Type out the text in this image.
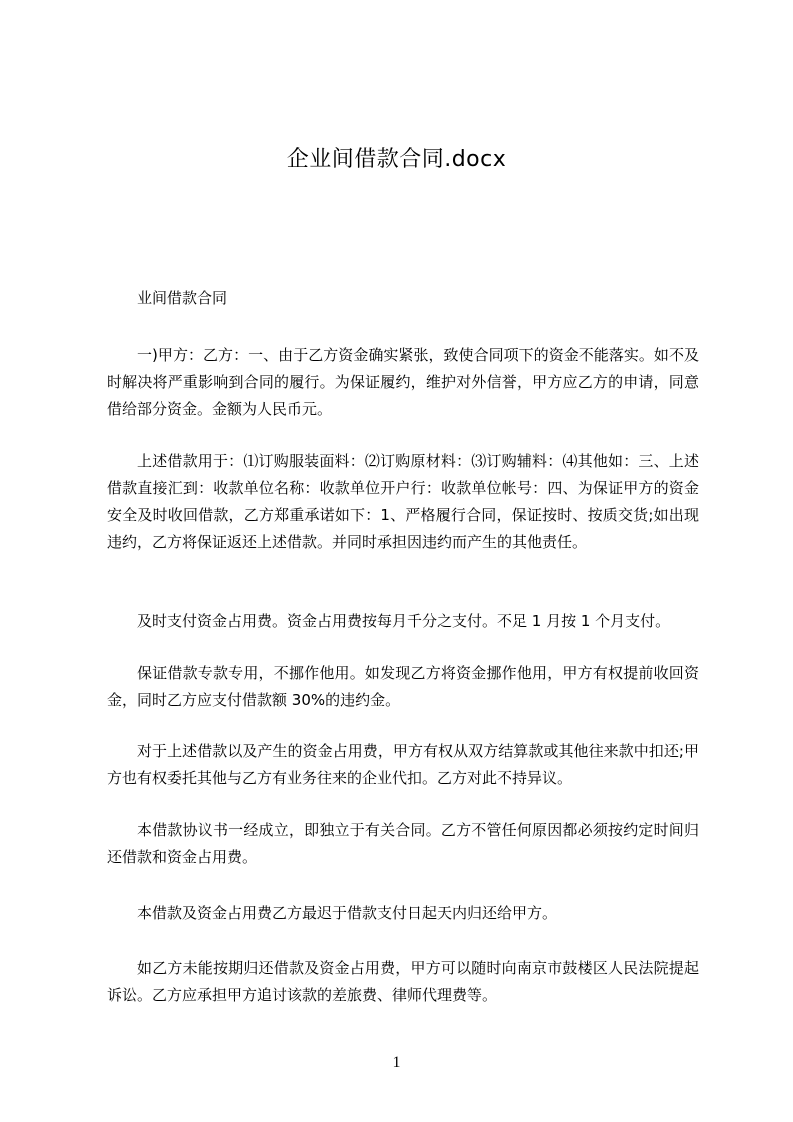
企业间借款合同.docx

业间借款合同

一)甲方：乙方：一、由于乙方资金确实紧张，致使合同项下的资金不能落实。如不及时解决将严重影响到合同的履行。为保证履约，维护对外信誉，甲方应乙方的申请，同意借给部分资金。金额为人民币元。

上述借款用于：⑴订购服装面料：⑵订购原材料：⑶订购辅料：⑷其他如：三、上述借款直接汇到：收款单位名称：收款单位开户行：收款单位帐号：四、为保证甲方的资金安全及时收回借款，乙方郑重承诺如下：1、严格履行合同，保证按时、按质交货;如出现违约，乙方将保证返还上述借款。并同时承担因违约而产生的其他责任。

及时支付资金占用费。资金占用费按每月千分之支付。不足 1 月按 1 个月支付。

保证借款专款专用，不挪作他用。如发现乙方将资金挪作他用，甲方有权提前收回资金，同时乙方应支付借款额 30%的违约金。

对于上述借款以及产生的资金占用费，甲方有权从双方结算款或其他往来款中扣还;甲方也有权委托其他与乙方有业务往来的企业代扣。乙方对此不持异议。

本借款协议书一经成立，即独立于有关合同。乙方不管任何原因都必须按约定时间归还借款和资金占用费。

本借款及资金占用费乙方最迟于借款支付日起天内归还给甲方。

如乙方未能按期归还借款及资金占用费，甲方可以随时向南京市鼓楼区人民法院提起诉讼。乙方应承担甲方追讨该款的差旅费、律师代理费等。

1
